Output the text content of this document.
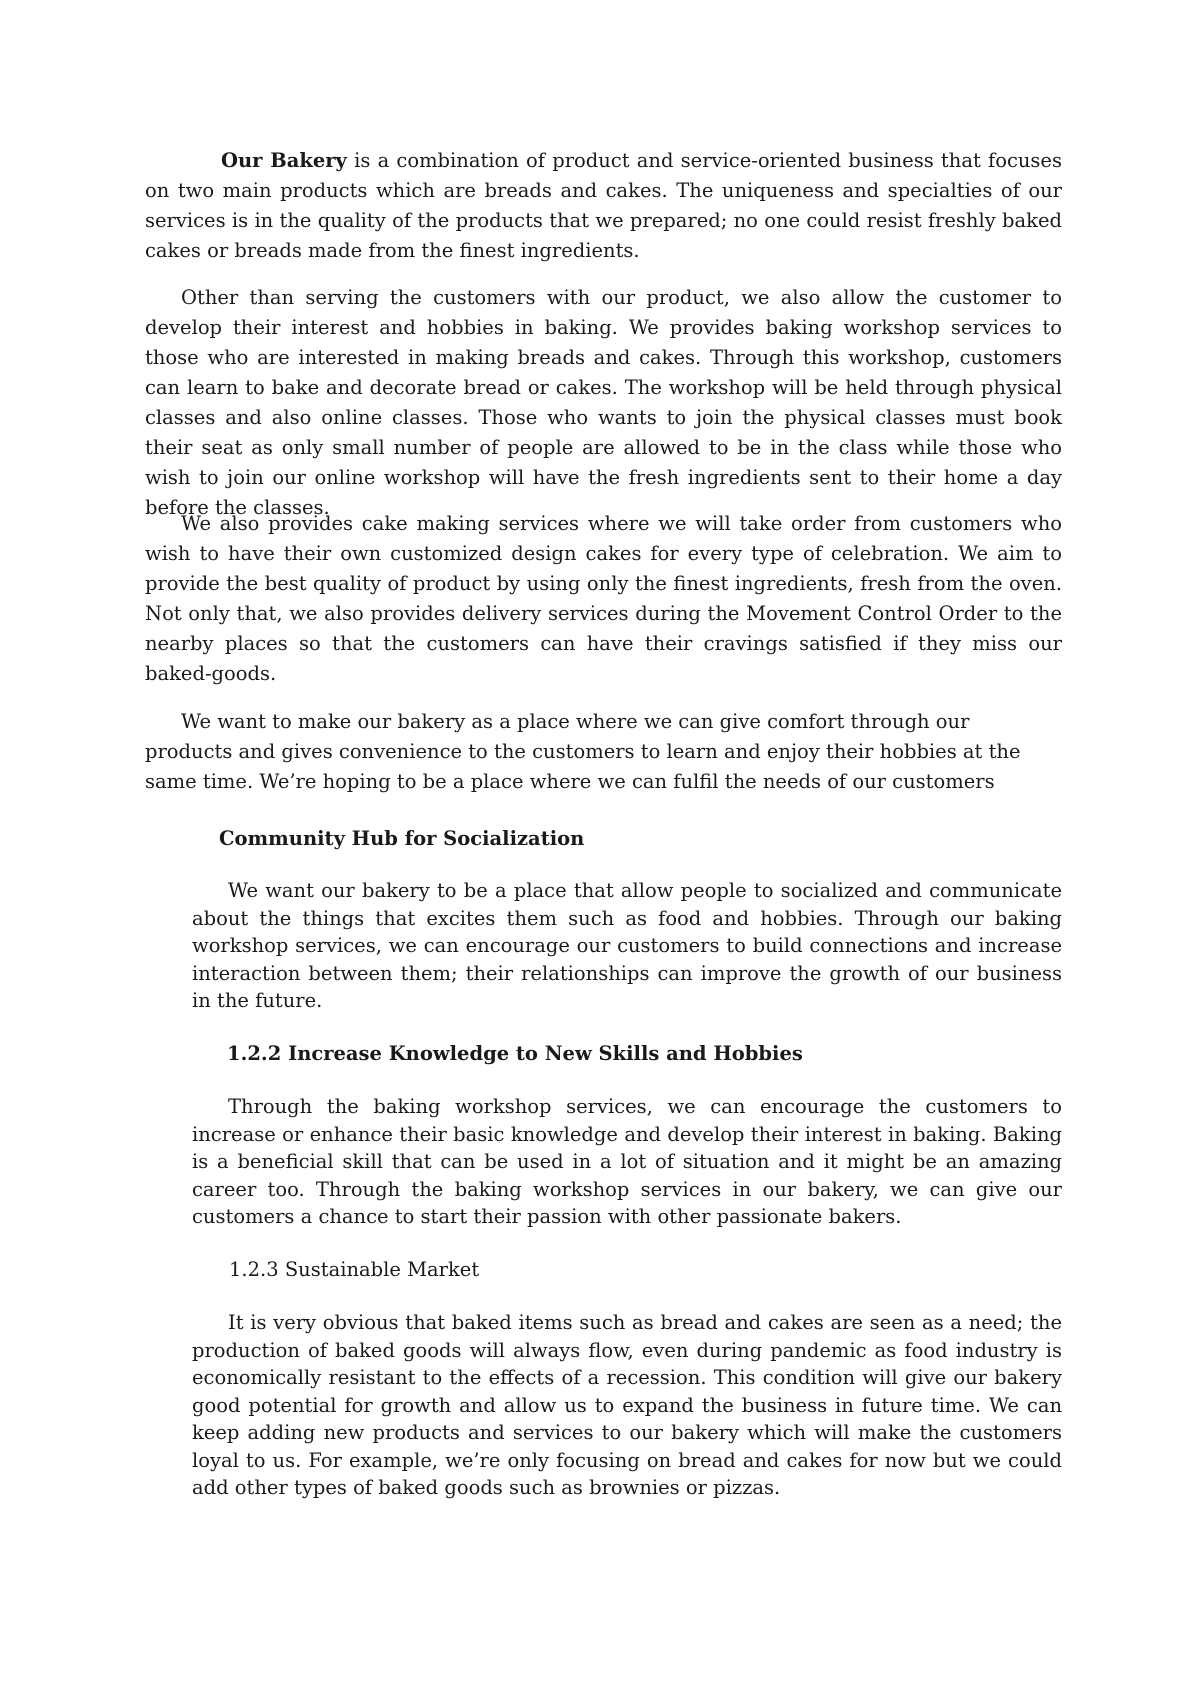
Our Bakery is a combination of product and service-oriented business that focuses on two main products which are breads and cakes. The uniqueness and specialties of our services is in the quality of the products that we prepared; no one could resist freshly baked cakes or breads made from the finest ingredients.

Other than serving the customers with our product, we also allow the customer to develop their interest and hobbies in baking. We provides baking workshop services to those who are interested in making breads and cakes. Through this workshop, customers can learn to bake and decorate bread or cakes. The workshop will be held through physical classes and also online classes. Those who wants to join the physical classes must book their seat as only small number of people are allowed to be in the class while those who wish to join our online workshop will have the fresh ingredients sent to their home a day before the classes.

We also provides cake making services where we will take order from customers who wish to have their own customized design cakes for every type of celebration. We aim to provide the best quality of product by using only the finest ingredients, fresh from the oven. Not only that, we also provides delivery services during the Movement Control Order to the nearby places so that the customers can have their cravings satisfied if they miss our baked-goods.

We want to make our bakery as a place where we can give comfort through our products and gives convenience to the customers to learn and enjoy their hobbies at the same time. We’re hoping to be a place where we can fulfil the needs of our customers

Community Hub for Socialization

We want our bakery to be a place that allow people to socialized and communicate about the things that excites them such as food and hobbies. Through our baking workshop services, we can encourage our customers to build connections and increase interaction between them; their relationships can improve the growth of our business in the future.

1.2.2 Increase Knowledge to New Skills and Hobbies

Through the baking workshop services, we can encourage the customers to increase or enhance their basic knowledge and develop their interest in baking. Baking is a beneficial skill that can be used in a lot of situation and it might be an amazing career too. Through the baking workshop services in our bakery, we can give our customers a chance to start their passion with other passionate bakers.

1.2.3 Sustainable Market

It is very obvious that baked items such as bread and cakes are seen as a need; the production of baked goods will always flow, even during pandemic as food industry is economically resistant to the effects of a recession. This condition will give our bakery good potential for growth and allow us to expand the business in future time. We can keep adding new products and services to our bakery which will make the customers loyal to us. For example, we’re only focusing on bread and cakes for now but we could add other types of baked goods such as brownies or pizzas.
